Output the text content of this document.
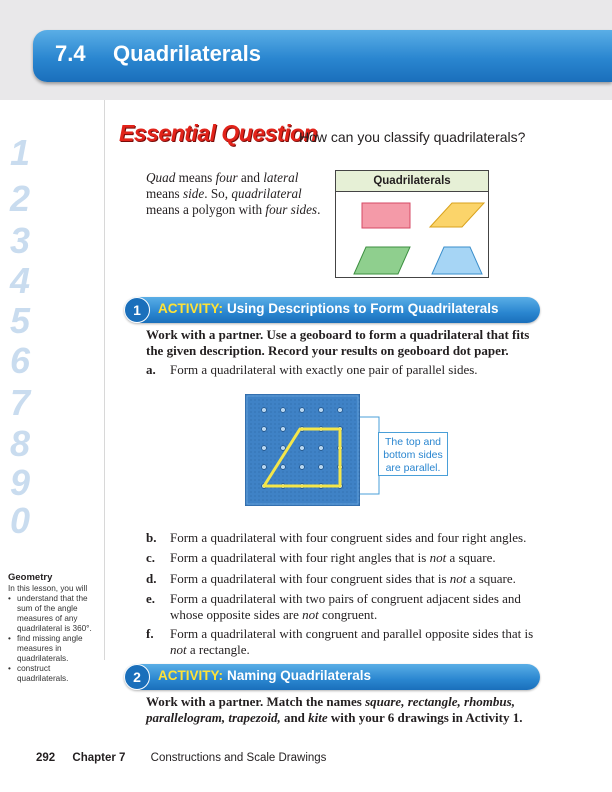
7.4 Quadrilaterals
1
2
3
4
5
6
7
8
9
0
Essential Question
How can you classify quadrilaterals?
Quad means four and lateral means side. So, quadrilateral means a polygon with four sides.
Quadrilaterals
1	ACTIVITY: Using Descriptions to Form Quadrilaterals
Work with a partner. Use a geoboard to form a quadrilateral that fits the given description. Record your results on geoboard dot paper.
a. Form a quadrilateral with exactly one pair of parallel sides.
The top and bottom sides are parallel.
b. Form a quadrilateral with four congruent sides and four right angles.
c. Form a quadrilateral with four right angles that is not a square.
d. Form a quadrilateral with four congruent sides that is not a square.
e. Form a quadrilateral with two pairs of congruent adjacent sides and whose opposite sides are not congruent.
f. Form a quadrilateral with congruent and parallel opposite sides that is not a rectangle.
2	ACTIVITY: Naming Quadrilaterals
Work with a partner. Match the names square, rectangle, rhombus,
parallelogram, trapezoid, and kite with your 6 drawings in Activity 1.
Geometry
In this lesson, you will
• understand that the sum of the angle measures of any quadrilateral is 360°.
• find missing angle measures in quadrilaterals.
• construct quadrilaterals.
292 Chapter 7 Constructions and Scale Drawings
